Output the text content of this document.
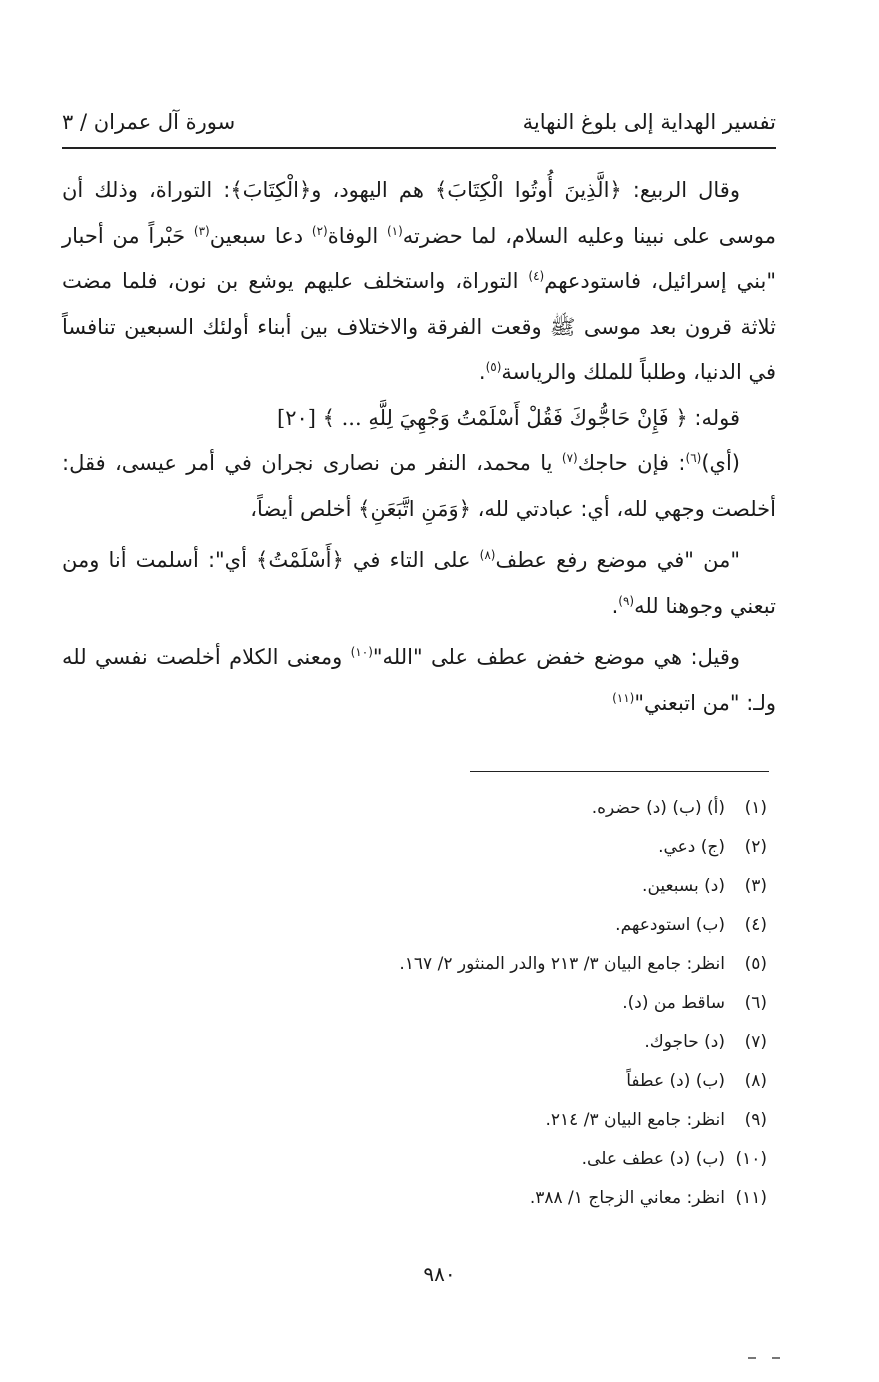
تفسير الهداية إلى بلوغ النهاية
سورة آل عمران / ٣

وقال الربيع: ﴿الَّذِينَ أُوتُوا الْكِتَابَ﴾ هم اليهود، و﴿الْكِتَابَ﴾: التوراة، وذلك أن موسى على نبينا وعليه السلام، لما حضرته$^{(١)}$ الوفاة$^{(٢)}$ دعا سبعين$^{(٣)}$ حَبْراً من أحبار "بني إسرائيل، فاستودعهم$^{(٤)}$ التوراة، واستخلف عليهم يوشع بن نون، فلما مضت ثلاثة قرون بعد موسى ﷺ وقعت الفرقة والاختلاف بين أبناء أولئك السبعين تنافساً في الدنيا، وطلباً للملك والرياسة$^{(٥)}$.

قوله: ﴿ فَإِنْ حَاجُّوكَ فَقُلْ أَسْلَمْتُ وَجْهِيَ لِلَّهِ ... ﴾ [٢٠]

(أي)$^{(٦)}$: فإن حاجك$^{(٧)}$ يا محمد، النفر من نصارى نجران في أمر عيسى، فقل: أخلصت وجهي لله، أي: عبادتي لله، ﴿وَمَنِ اتَّبَعَنِ﴾ أخلص أيضاً،

"من "في موضع رفع عطف$^{(٨)}$ على التاء في ﴿أَسْلَمْتُ﴾ أي": أسلمت أنا ومن تبعني وجوهنا لله$^{(٩)}$.

وقيل: هي موضع خفض عطف على "الله"$^{(١٠)}$ ومعنى الكلام أخلصت نفسي لله ولـ: "من اتبعني"$^{(١١)}$

(١)(أ) (ب) (د) حضره.
(٢)(ج) دعي.
(٣)(د) بسبعين.
(٤)(ب) استودعهم.
(٥)انظر: جامع البيان ٣/ ٢١٣ والدر المنثور ٢/ ١٦٧.
(٦)ساقط من (د).
(٧)(د) حاجوك.
(٨)(ب) (د) عطفاً
(٩)انظر: جامع البيان ٣/ ٢١٤.
(١٠)(ب) (د) عطف على.
(١١)انظر: معاني الزجاج ١/ ٣٨٨.
٩٨٠
